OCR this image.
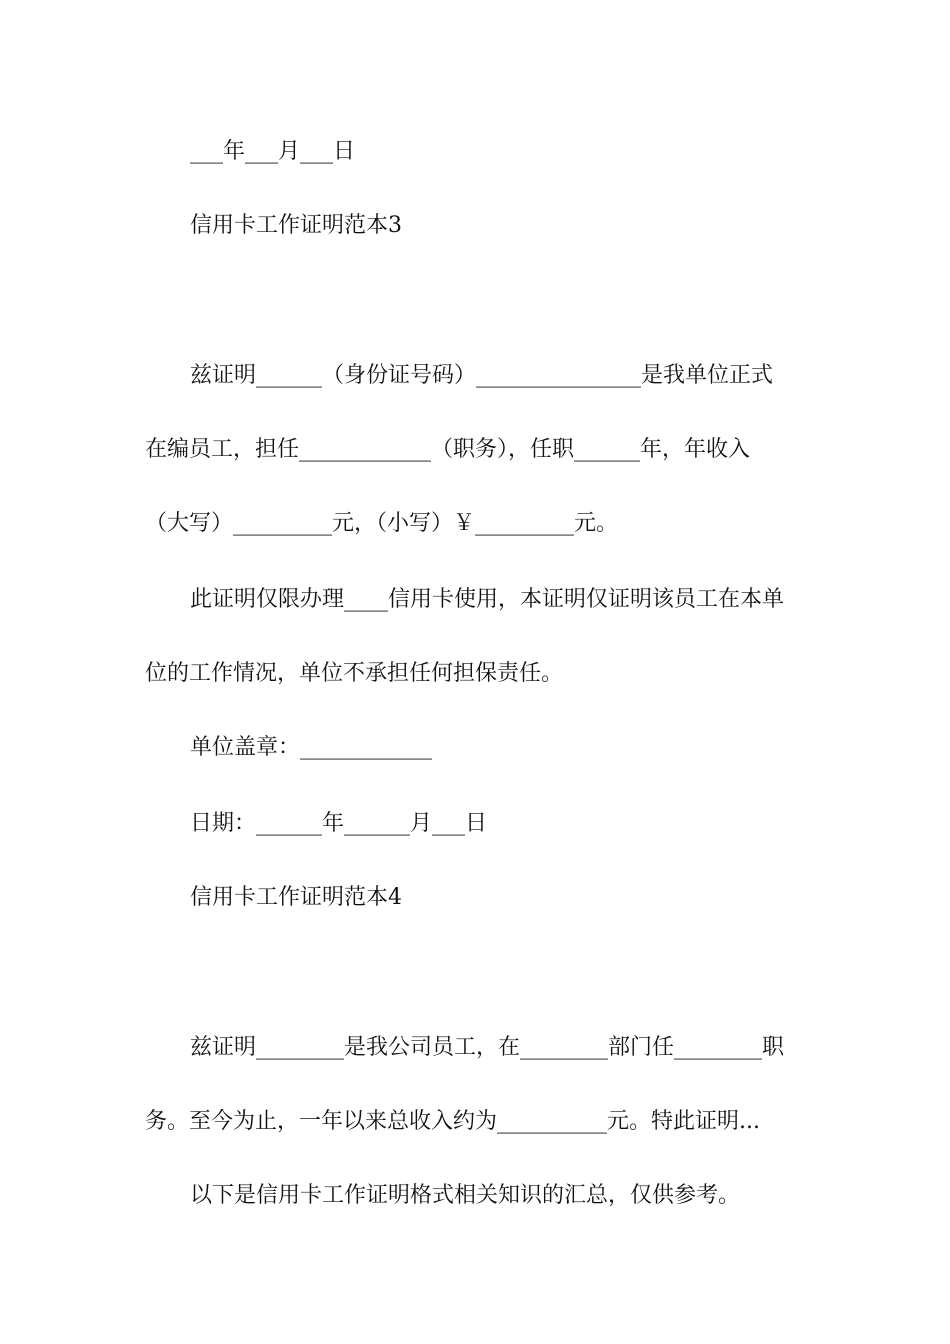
___年___月___日
信用卡工作证明范本3
兹证明______（身份证号码）_______________是我单位正式
在编员工，担任____________（职务），任职______年，年收入
（大写）_________元，（小写）￥_________元。
此证明仅限办理____信用卡使用，本证明仅证明该员工在本单
位的工作情况，单位不承担任何担保责任。
单位盖章：____________
日期：______年______月___日
信用卡工作证明范本4
兹证明________是我公司员工，在________部门任________职
务。至今为止，一年以来总收入约为__________元。特此证明...
以下是信用卡工作证明格式相关知识的汇总，仅供参考。
